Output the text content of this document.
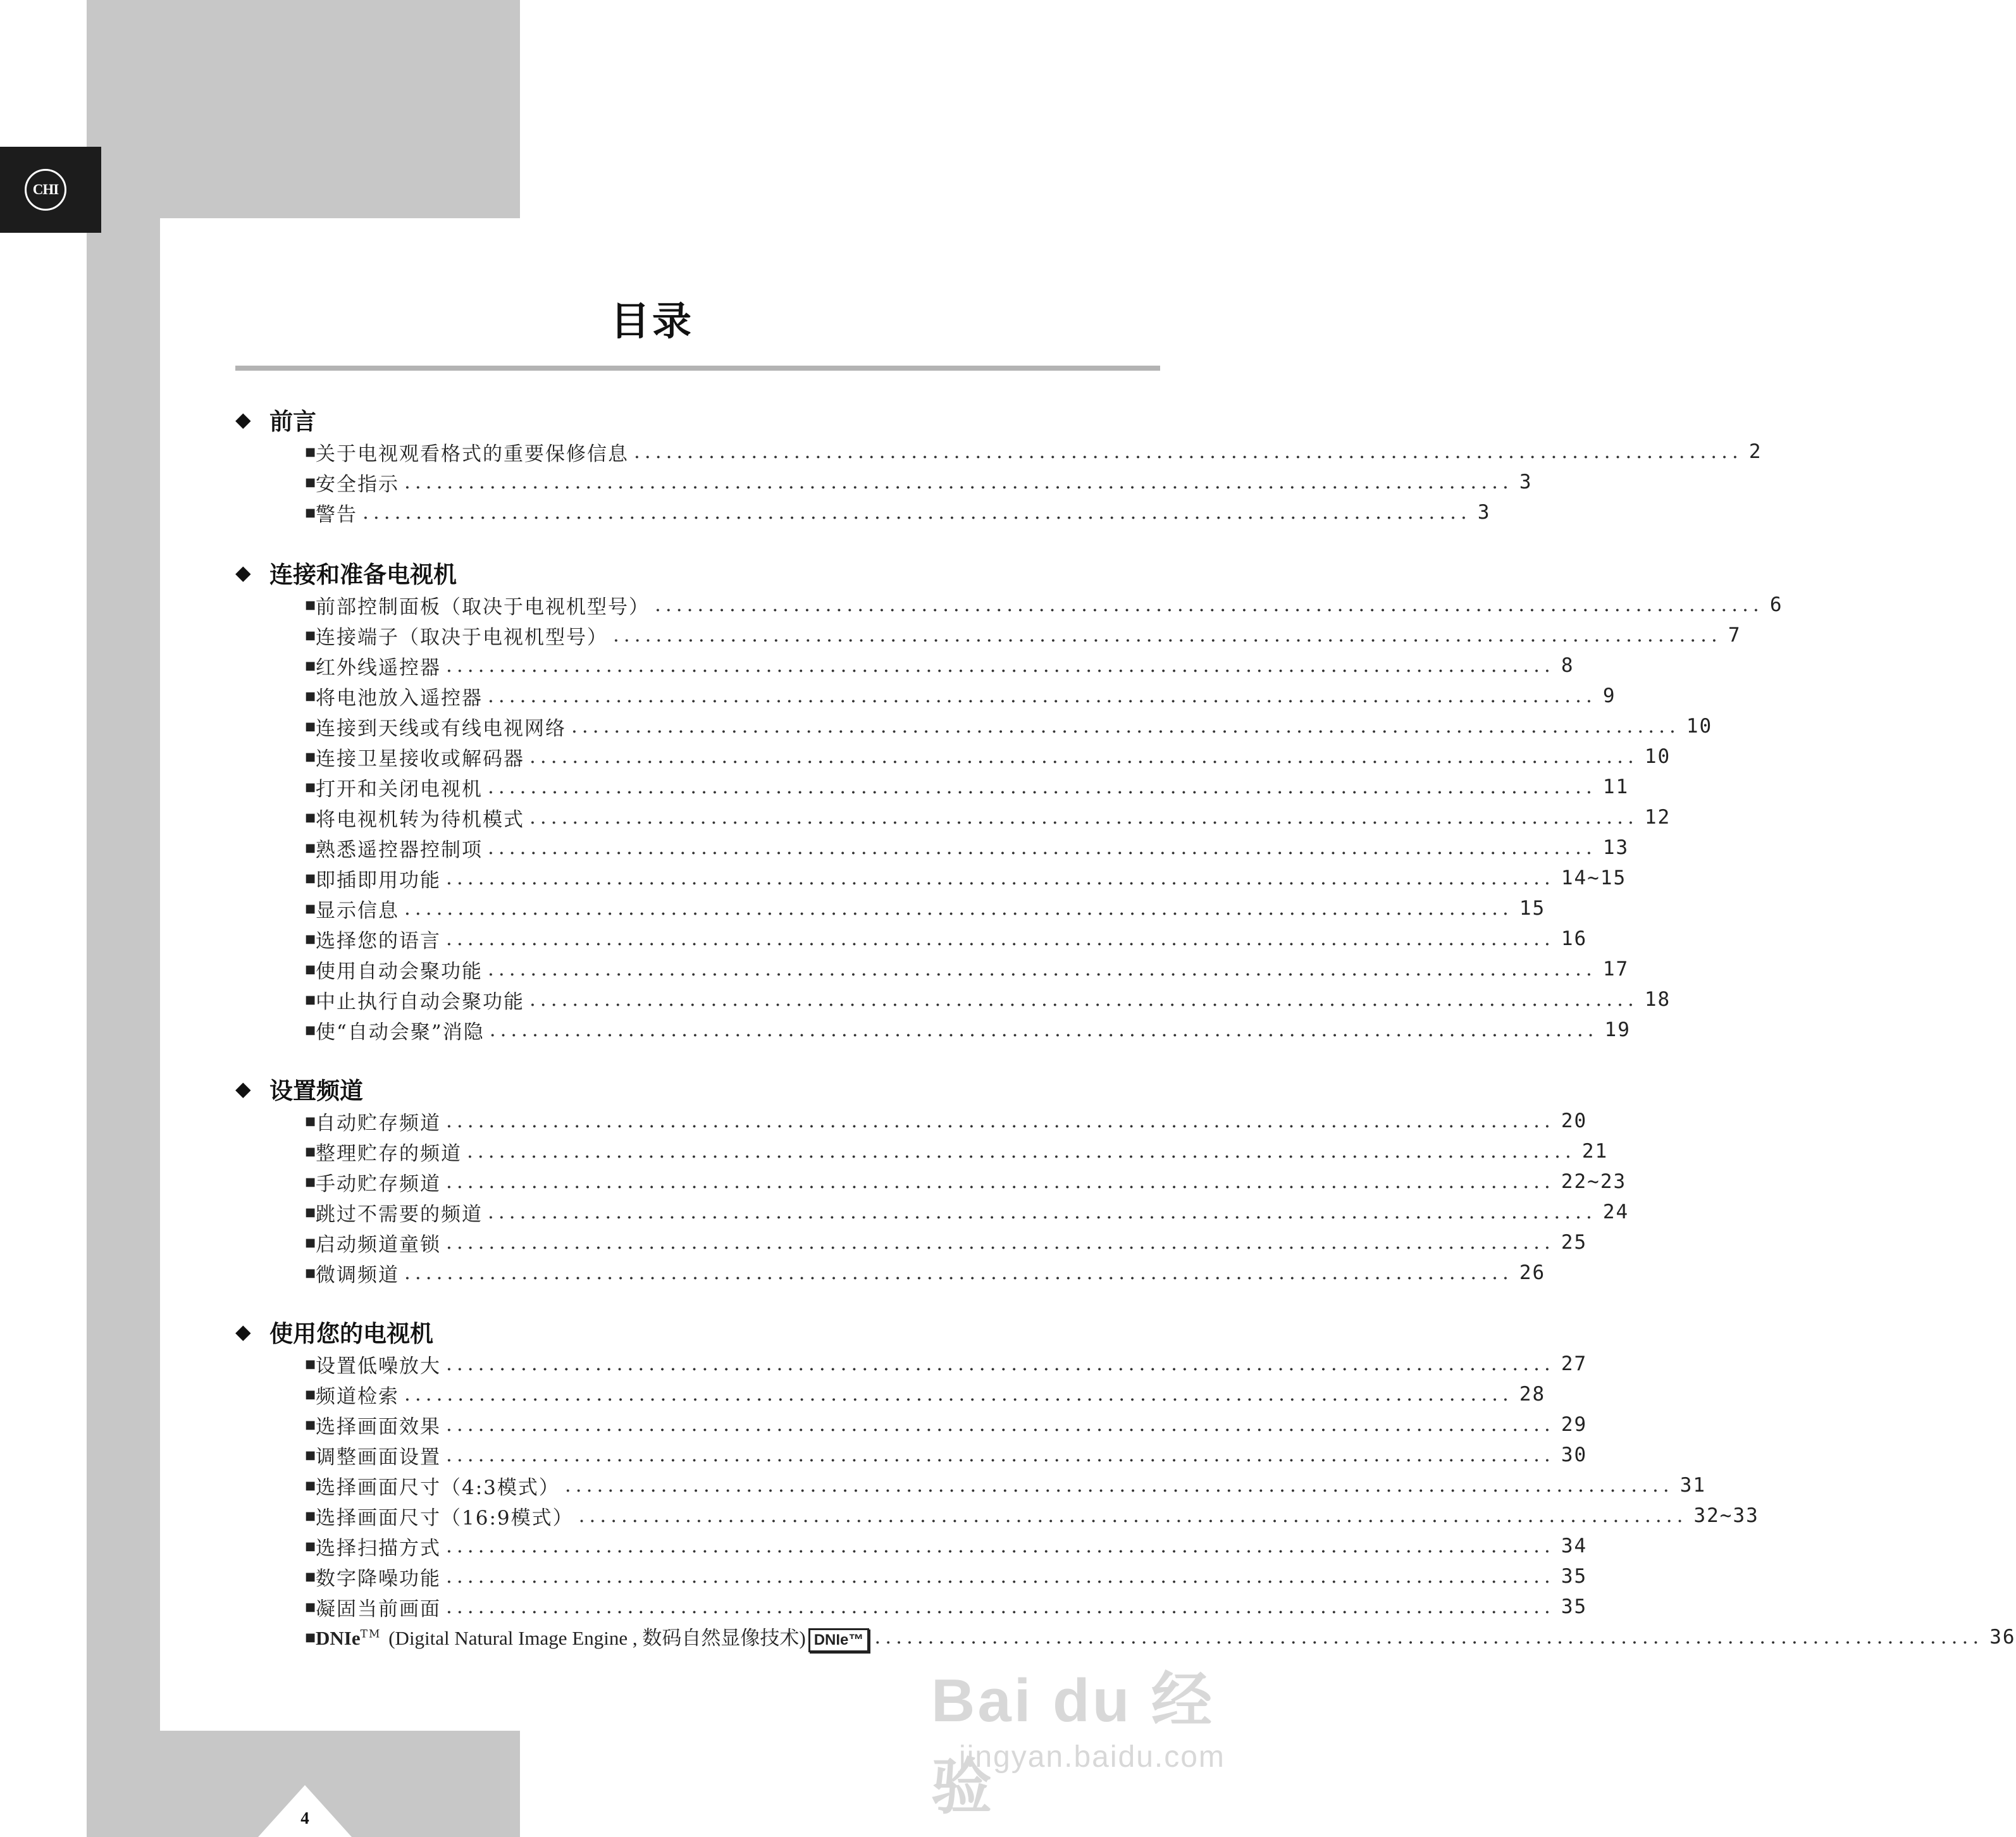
CHI
目录
◆ 前言
■ 关于电视观看格式的重要保修信息 ........................................................................................................ 2
■ 安全指示 ........................................................................................................ 3
■ 警告 ........................................................................................................ 3
◆ 连接和准备电视机
■ 前部控制面板（取决于电视机型号） ........................................................................................................ 6
■ 连接端子（取决于电视机型号） ........................................................................................................ 7
■ 红外线遥控器 ........................................................................................................ 8
■ 将电池放入遥控器 ........................................................................................................ 9
■ 连接到天线或有线电视网络 ........................................................................................................ 10
■ 连接卫星接收或解码器 ........................................................................................................ 10
■ 打开和关闭电视机 ........................................................................................................ 11
■ 将电视机转为待机模式 ........................................................................................................ 12
■ 熟悉遥控器控制项 ........................................................................................................ 13
■ 即插即用功能 ........................................................................................................ 14~15
■ 显示信息 ........................................................................................................ 15
■ 选择您的语言 ........................................................................................................ 16
■ 使用自动会聚功能 ........................................................................................................ 17
■ 中止执行自动会聚功能 ........................................................................................................ 18
■ 使“自动会聚”消隐 ........................................................................................................ 19
◆ 设置频道
■ 自动贮存频道 ........................................................................................................ 20
■ 整理贮存的频道 ........................................................................................................ 21
■ 手动贮存频道 ........................................................................................................ 22~23
■ 跳过不需要的频道 ........................................................................................................ 24
■ 启动频道童锁 ........................................................................................................ 25
■ 微调频道 ........................................................................................................ 26
◆ 使用您的电视机
■ 设置低噪放大 ........................................................................................................ 27
■ 频道检索 ........................................................................................................ 28
■ 选择画面效果 ........................................................................................................ 29
■ 调整画面设置 ........................................................................................................ 30
■ 选择画面尺寸（4:3模式） ........................................................................................................ 31
■ 选择画面尺寸（16:9模式） ........................................................................................................ 32~33
■ 选择扫描方式 ........................................................................................................ 34
■ 数字降噪功能 ........................................................................................................ 35
■ 凝固当前画面 ........................................................................................................ 35
■ DNIe™ (Digital Natural Image Engine , 数码自然显像技术) DNIe™ ........................................................................................................ 36
4
Bai du 经验
jingyan.baidu.com
